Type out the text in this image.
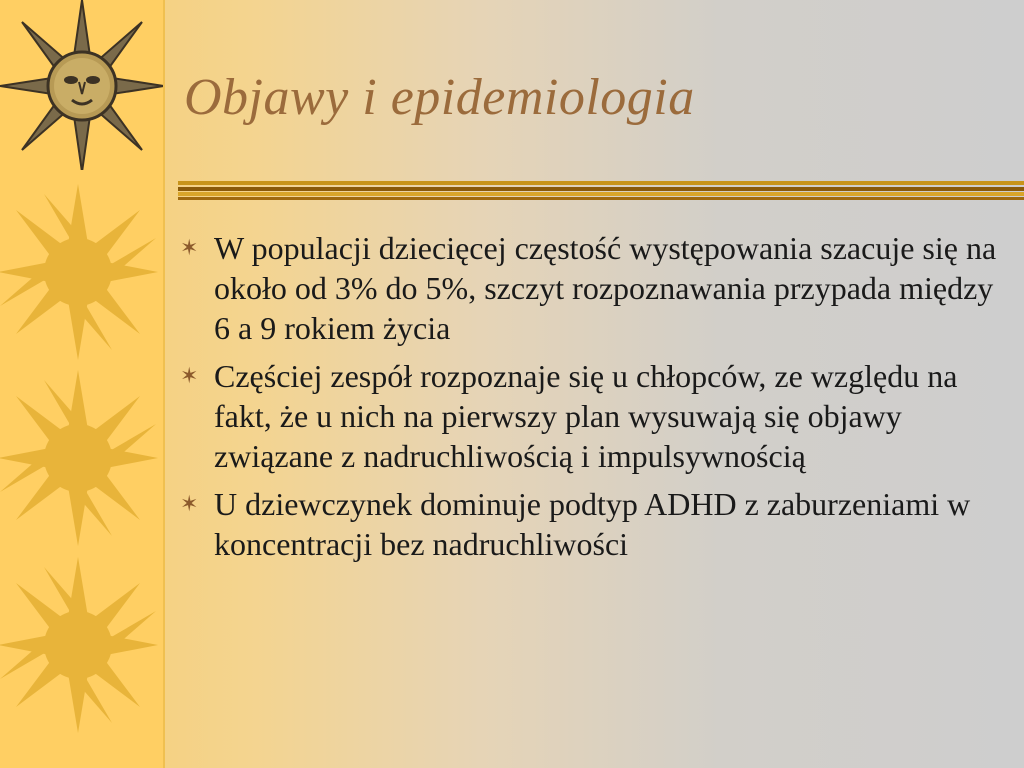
Objawy i epidemiologia
✶ W populacji dziecięcej częstość występowania szacuje się na około od 3% do 5%, szczyt rozpoznawania przypada między 6 a 9 rokiem życia
✶ Częściej zespół rozpoznaje się u chłopców, ze względu na fakt, że u nich na pierwszy plan wysuwają się objawy związane z nadruchliwością i impulsywnością
✶ U dziewczynek dominuje podtyp ADHD z zaburzeniami w koncentracji bez nadruchliwości
